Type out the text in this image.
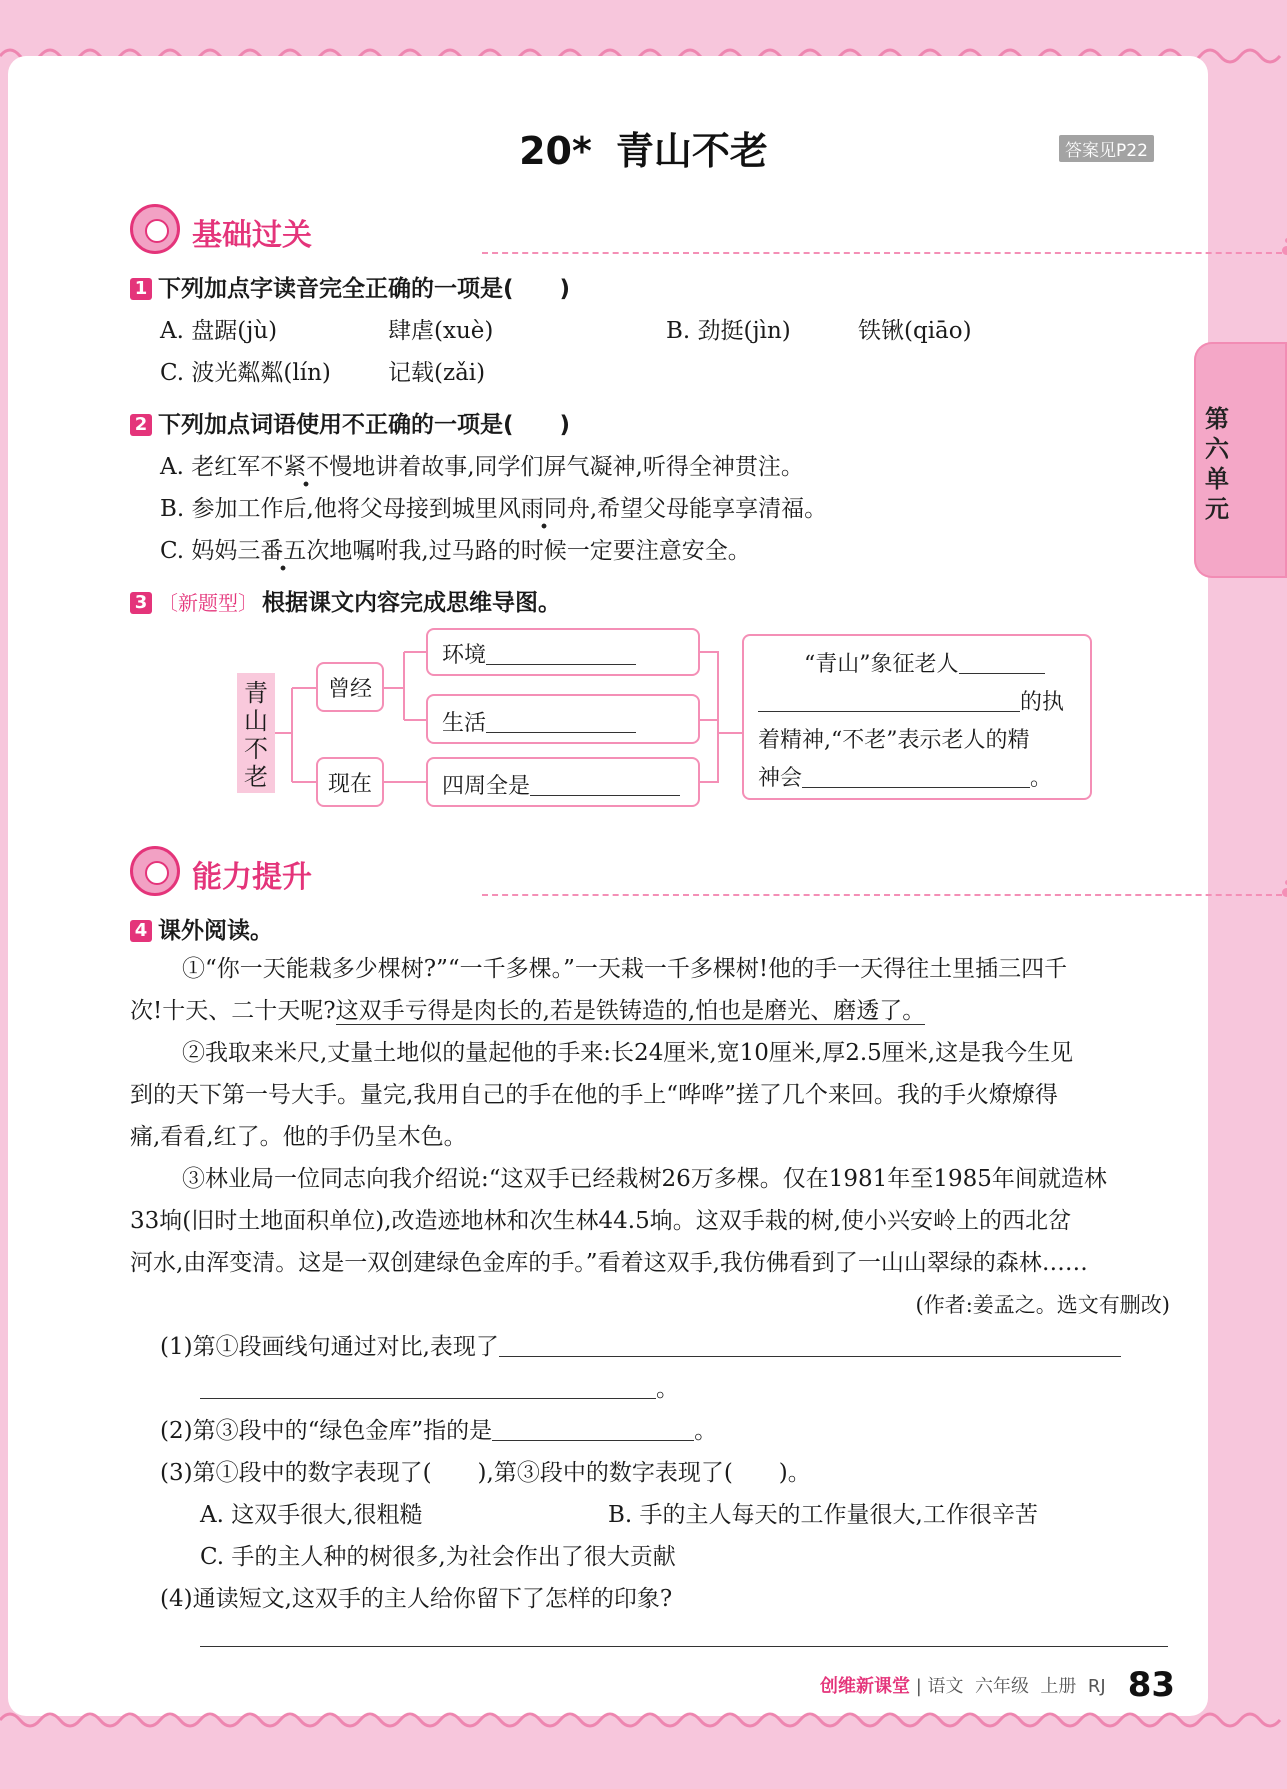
第六单元
20* 青山不老	答案见P22
基础过关
1 下列加点字读音完全正确的一项是(　　)
A. 盘踞(jù)	肆虐(xuè)	B. 劲挺(jìn)	铁锹(qiāo)
C. 波光粼粼(lín) 记载(zǎi)
2 下列加点词语使用不正确的一项是(　　)
A. 老红军不紧不慢地讲着故事,同学们屏气凝神,听得全神贯注。
B. 参加工作后,他将父母接到城里风雨同舟,希望父母能享享清福。
C. 妈妈三番五次地嘱咐我,过马路的时候一定要注意安全。
3 〔新题型〕 根据课文内容完成思维导图。
青山不老
曾经
现在
环境
生活
四周全是
“青山”象征老人
的执
着精神,“不老”表示老人的精
神会	。
能力提升
4 课外阅读。
①“你一天能栽多少棵树?”“一千多棵。”一天栽一千多棵树!他的手一天得往土里插三四千
次!十天、二十天呢?这双手亏得是肉长的,若是铁铸造的,怕也是磨光、磨透了。
②我取来米尺,丈量土地似的量起他的手来:长24厘米,宽10厘米,厚2.5厘米,这是我今生见
到的天下第一号大手。量完,我用自己的手在他的手上“哗哗”搓了几个来回。我的手火燎燎得
痛,看看,红了。他的手仍呈木色。
③林业局一位同志向我介绍说:“这双手已经栽树26万多棵。仅在1981年至1985年间就造林
33垧(旧时土地面积单位),改造迹地林和次生林44.5垧。这双手栽的树,使小兴安岭上的西北岔
河水,由浑变清。这是一双创建绿色金库的手。”看着这双手,我仿佛看到了一山山翠绿的森林……
(作者:姜孟之。选文有删改)
(1)第①段画线句通过对比,表现了
。
(2)第③段中的“绿色金库”指的是	。
(3)第①段中的数字表现了(　　),第③段中的数字表现了(　　)。
A. 这双手很大,很粗糙	B. 手的主人每天的工作量很大,工作很辛苦
C. 手的主人种的树很多,为社会作出了很大贡献
(4)通读短文,这双手的主人给你留下了怎样的印象?
创维新课堂 | 语文 六年级 上册 RJ 83
